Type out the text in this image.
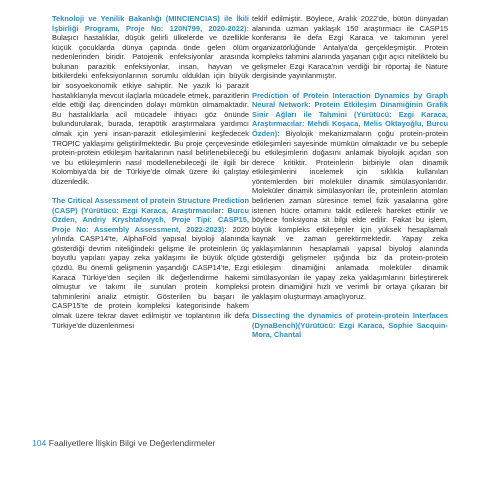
Teknoloji ve Yenilik Bakanlığı (MINCIENCIAS) ile İkili İşbirliği Programı, Proje No: 120N799, 2020-2022): Bulaşıcı hastalıklar, düşük gelirli ülkelerde ve özellikle küçük çocuklarda dünya çapında önde gelen ölüm nedenlerinden biridir. Patojenik enfeksiyonlar arasında bulunan parazitik enfeksiyonlar, insan, hayvan ve bitkilerdeki enfeksiyonlarının sorumlu olduklan için büyük bir sosyoekonomik etkiye sahiptir. Ne yazık ki parazit hastalıklarıyla mevcut ilaçlarla mücadele etmek, parazitlerin elde ettiği ilaç direncinden dolayı mümkün olmamaktadır. Bu hastalıklarla acil mücadele ihtiyacı göz önünde bulundurularak, burada, terapötik araştırmalara yardımcı olmak için yeni insan-parazit etkileşimlerini keşfedecek TROPIC yaklaşımı geliştirilmektedir. Bu proje çerçevesinde protein-protein etkileşim haritalarının nasıl belirlenebileceği ve bu etkileşimlerin nasıl modellenebileceği ile ilgili bir Kolombiya'da bir de Türkiye'de olmak üzere iki çalıştay düzenledik.

The Critical Assessment of protein Structure Prediction (CASP) (Yürütücü: Ezgi Karaca, Araştırmacılar: Burcu Özden, Andriy Kryshtafovych, Proje Tipi: CASP15, Proje No: Assembly Assessment, 2022-2023): 2020 yılında CASP14'te, AlphaFold yapısal biyoloji alanında gösterdiği devrim niteliğindeki gelişme ile proteinlerin üç boyutlu yapıları yapay zeka yaklaşımı ile büyük ölçüde çözdü. Bu önemli gelişmenin yaşandığı CASP14'te, Ezgi Karaca Türkiye'den seçilen ilk değerlendirme hakemi olmuştur ve takımı ile sunulan protein kompleksi tahminlerini analiz etmiştir. Gösterilen bu başarı ile CASP15'te de protein kompleksi kategorisinde hakem olmak üzere tekrar davet edilmiştir ve toplantının ilk defa Türkiye'de düzenlenmesi

teklif edilmiştir. Böylece, Aralık 2022'de, bütün dünyadan alanında uzman yaklaşık 150 araştırmacı ile CASP15 konferansı ile defa Ezgi Karaca ve takımının yerel organizatörlüğünde Antalya'da gerçekleşmiştir. Protein kompleks tahmini alanında yaşanan çığır açıcı nitelikteki bu gelişmeler Ezgi Karaca'nın verdiği bir röportaj ile Nature dergisinde yayınlanmıştır.

Prediction of Protein Interaction Dynamics by Graph Neural Network: Protein Etkileşim Dinamiğinin Grafik Sinir Ağları ile Tahmini (Yürütücü: Ezgi Karaca, Araştırmacılar: Mehdi Koşaca, Melis Oktayoğlu, Burcu Özden): Biyolojik mekanizmaların çoğu protein-protein etkileşimleri sayesinde mümkün olmaktadır ve bu sebeple bu etkileşimlerin doğasını anlamak biyolojik açıdan son derece kritiktir. Proteinlerin birbiriyle olan dinamik etkileşimlerini incelemek için sıklıkla kullanılan yöntemlerden biri moleküler dinamik simülasyonlarıdır. Moleküler dinamik simülasyonları ile, proteinlerin atomları belirlenen zaman süresince temel fizik yasalarına göre istenen hücre ortamını taklit edilerek hareket ettirilir ve böylece fonksiyona sit bilgi elde edilir. Fakat bu işlem, büyük kompleks etkileşenler için yüksek hesaplamalı kaynak ve zaman gerektirmektedir. Yapay zeka yaklaşımlarının hesaplamalı yapısal biyoloji alanında gösterdiği gelişmeler ışığında biz da protein-protein etkileşim dinamiğini anlamada moleküler dinamik simülasyonları ile yapay zeka yaklaşımlarını birleştirerek protein dinamiğini hızlı ve verimli bir ortaya çıkaran bir yaklaşım oluşturmayı amaçlıyoruz.

Dissecting the dynamics of protein-protein Interfaces (DynaBench)(Yürütücü: Ezgi Karaca, Sophie Sacquin-Mora, Chantal

104 Faaliyetlere İlişkin Bilgi ve Değerlendirmeler
